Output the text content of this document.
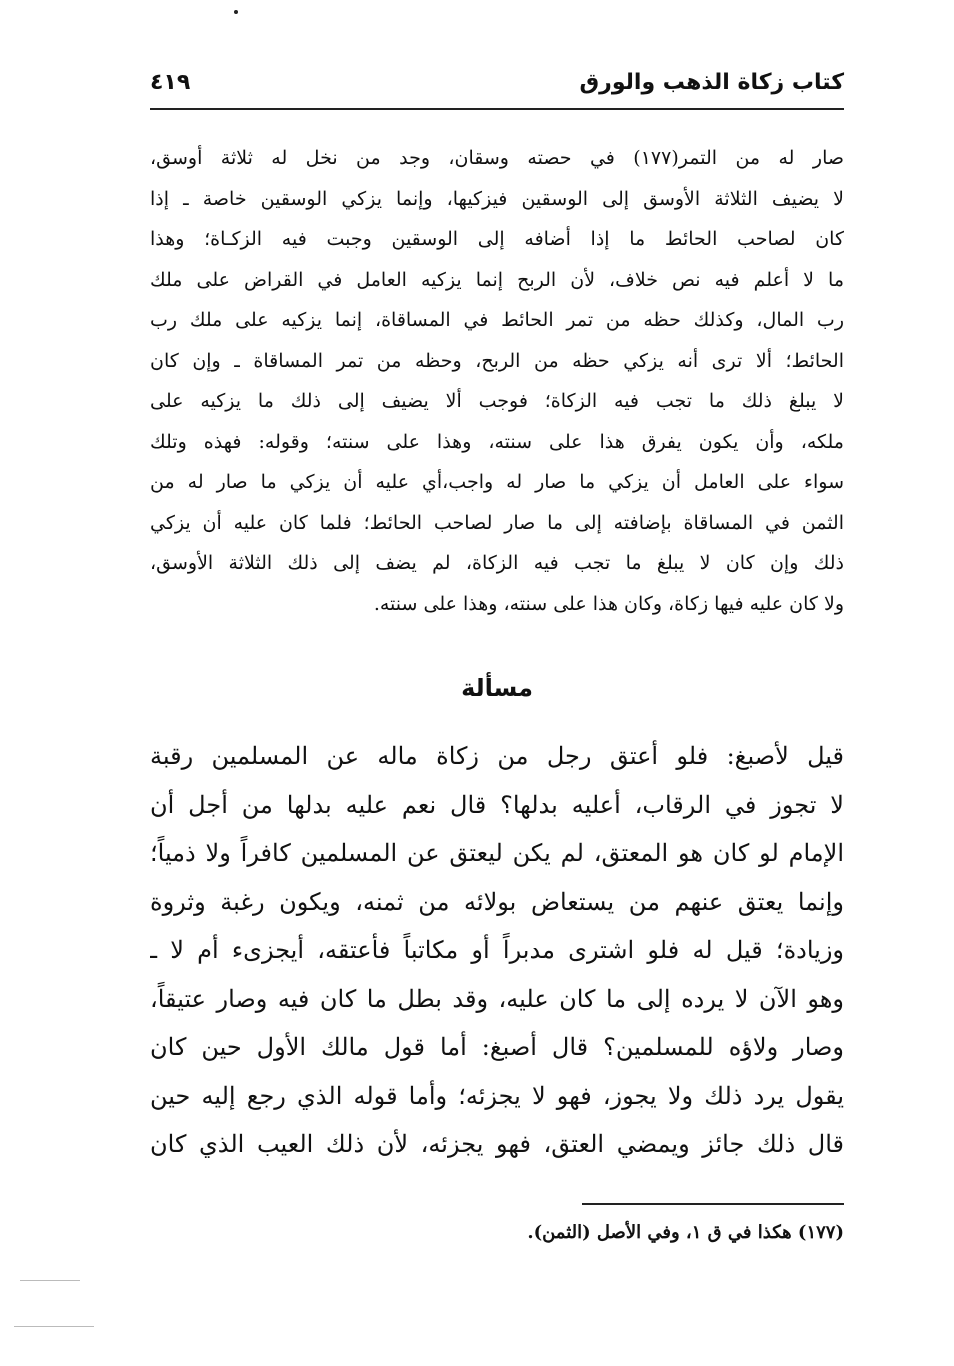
كتاب زكاة الذهب والورق
٤١٩
صار له من التمر(١٧٧) في حصته وسقان، وجد من نخل له ثلاثة أوسق،
لا يضيف الثلاثة الأوسق إلى الوسقين فيزكيها، وإنما يزكي الوسقين خاصة ـ إذا
كان لصاحب الحائط ما إذا أضافه إلى الوسقين وجبت فيه الزكـاة؛ وهذا
ما لا أعلم فيه نص خلاف، لأن الربح إنما يزكيه العامل في القراض على ملك
رب المال، وكذلك حظه من تمر الحائط في المساقاة، إنما يزكيه على ملك رب
الحائط؛ ألا ترى أنه يزكي حظه من الربح، وحظه من تمر المساقاة ـ وإن كان
لا يبلغ ذلك ما تجب فيه الزكاة؛ فوجب ألا يضيف إلى ذلك ما يزكيه على
ملكه، وأن يكون يفرق هذا على سنته، وهذا على سنته؛ وقوله: فهذه وتلك
سواء على العامل أن يزكي ما صار له واجب،أي عليه أن يزكي ما صار له من
الثمن في المساقاة بإضافته إلى ما صار لصاحب الحائط؛ فلما كان عليه أن يزكي
ذلك وإن كان لا يبلغ ما تجب فيه الزكاة، لم يضف إلى ذلك الثلاثة الأوسق،
ولا كان عليه فيها زكاة، وكان هذا على سنته، وهذا على سنته.
مسألة
قيل لأصبغ: فلو أعتق رجل من زكاة ماله عن المسلمين رقبة
لا تجوز في الرقاب، أعليه بدلها؟ قال نعم عليه بدلها من أجل أن
الإمام لو كان هو المعتق، لم يكن ليعتق عن المسلمين كافراً ولا ذمياً؛
وإنما يعتق عنهم من يستعاض بولائه من ثمنه، ويكون رغبة وثروة
وزيادة؛ قيل له فلو اشترى مدبراً أو مكاتباً فأعتقه، أيجزىء أم لا ـ
وهو الآن لا يرده إلى ما كان عليه، وقد بطل ما كان فيه وصار عتيقاً،
وصار ولاؤه للمسلمين؟ قال أصبغ: أما قول مالك الأول حين كان
يقول يرد ذلك ولا يجوز، فهو لا يجزئه؛ وأما قوله الذي رجع إليه حين
قال ذلك جائز ويمضي العتق، فهو يجزئه، لأن ذلك العيب الذي كان
(١٧٧) هكذا في ق ١، وفي الأصل (الثمن).
